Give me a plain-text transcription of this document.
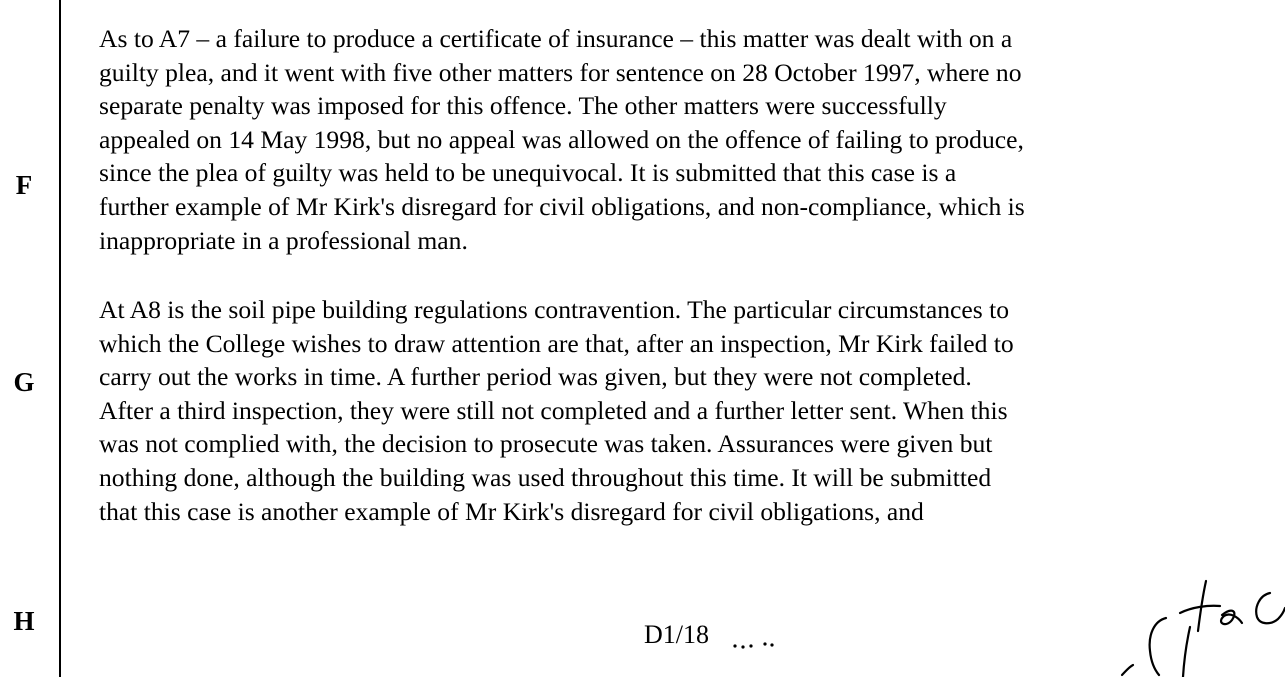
F
G
H

As to A7 – a failure to produce a certificate of insurance – this matter was dealt with on a
guilty plea, and it went with five other matters for sentence on 28 October 1997, where no
separate penalty was imposed for this offence. The other matters were successfully
appealed on 14 May 1998, but no appeal was allowed on the offence of failing to produce,
since the plea of guilty was held to be unequivocal. It is submitted that this case is a
further example of Mr Kirk's disregard for civil obligations, and non-compliance, which is
inappropriate in a professional man.

At A8 is the soil pipe building regulations contravention. The particular circumstances to
which the College wishes to draw attention are that, after an inspection, Mr Kirk failed to
carry out the works in time. A further period was given, but they were not completed.
After a third inspection, they were still not completed and a further letter sent. When this
was not complied with, the decision to prosecute was taken. Assurances were given but
nothing done, although the building was used throughout this time. It will be submitted
that this case is another example of Mr Kirk's disregard for civil obligations, and

D1/18
